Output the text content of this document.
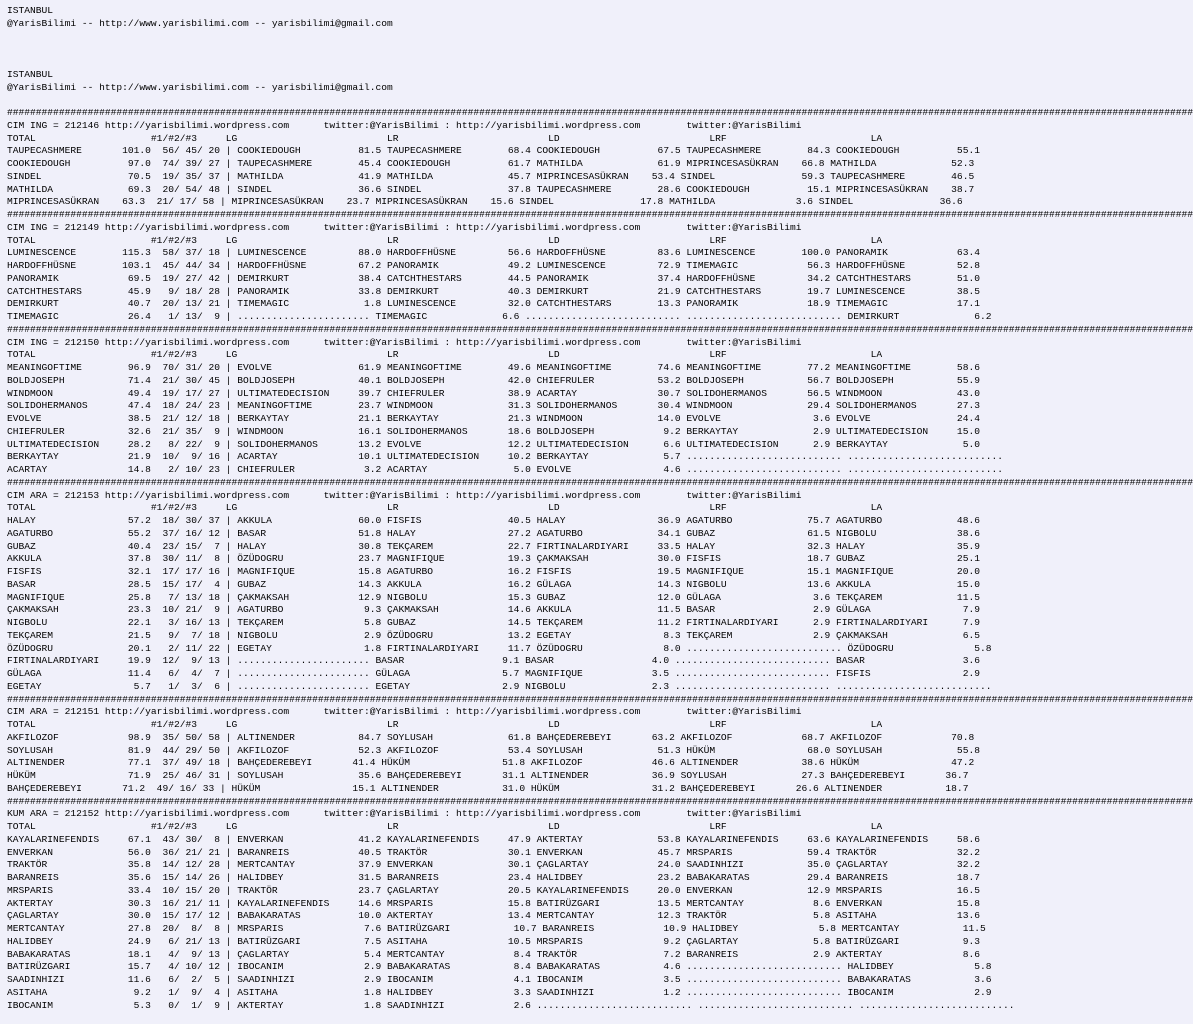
ISTANBUL
@YarisBilimi -- http://www.yarisbilimi.com -- yarisbilimi@gmail.com
ISTANBUL
@YarisBilimi -- http://www.yarisbilimi.com -- yarisbilimi@gmail.com
##############################################################################################################################################################################################################
CIM ING = 212146 http://yarisbilimi.wordpress.com      twitter:@YarisBilimi : http://yarisbilimi.wordpress.com        twitter:@YarisBilimi
TOTAL                    #1/#2/#3     LG                          LR                          LD                          LRF                         LA
TAUPECASHMERE       101.0  56/ 45/ 20 | COOKIEDOUGH          81.5 TAUPECASHMERE        68.4 COOKIEDOUGH          67.5 TAUPECASHMERE        84.3 COOKIEDOUGH          55.1
COOKIEDOUGH          97.0  74/ 39/ 27 | TAUPECASHMERE        45.4 COOKIEDOUGH          61.7 MATHILDA             61.9 MIPRINCESASÜKRAN    66.8 MATHILDA             52.3
SINDEL               70.5  19/ 35/ 37 | MATHILDA             41.9 MATHILDA             45.7 MIPRINCESASÜKRAN    53.4 SINDEL               59.3 TAUPECASHMERE        46.5
MATHILDA             69.3  20/ 54/ 48 | SINDEL               36.6 SINDEL               37.8 TAUPECASHMERE        28.6 COOKIEDOUGH          15.1 MIPRINCESASÜKRAN    38.7
MIPRINCESASÜKRAN    63.3  21/ 17/ 58 | MIPRINCESASÜKRAN    23.7 MIPRINCESASÜKRAN    15.6 SINDEL               17.8 MATHILDA              3.6 SINDEL               36.6
##############################################################################################################################################################################################################
CIM ING = 212149 http://yarisbilimi.wordpress.com      twitter:@YarisBilimi : http://yarisbilimi.wordpress.com        twitter:@YarisBilimi
TOTAL                    #1/#2/#3     LG                          LR                          LD                          LRF                         LA
LUMINESCENCE        115.3  58/ 37/ 18 | LUMINESCENCE         88.0 HARDOFFHÜSNE         56.6 HARDOFFHÜSNE         83.6 LUMINESCENCE        100.0 PANORAMIK            63.4
HARDOFFHÜSNE        103.1  45/ 44/ 34 | HARDOFFHÜSNE         67.2 PANORAMIK            49.2 LUMINESCENCE         72.9 TIMEMAGIC            56.3 HARDOFFHÜSNE         52.8
PANORAMIK            69.5  19/ 27/ 42 | DEMIRKURT            38.4 CATCHTHESTARS        44.5 PANORAMIK            37.4 HARDOFFHÜSNE         34.2 CATCHTHESTARS        51.0
CATCHTHESTARS        45.9   9/ 18/ 28 | PANORAMIK            33.8 DEMIRKURT            40.3 DEMIRKURT            21.9 CATCHTHESTARS        19.7 LUMINESCENCE         38.5
DEMIRKURT            40.7  20/ 13/ 21 | TIMEMAGIC             1.8 LUMINESCENCE         32.0 CATCHTHESTARS        13.3 PANORAMIK            18.9 TIMEMAGIC            17.1
TIMEMAGIC            26.4   1/ 13/  9 | ....................... TIMEMAGIC             6.6 ........................... ........................... DEMIRKURT             6.2
##############################################################################################################################################################################################################
CIM ING = 212150 http://yarisbilimi.wordpress.com      twitter:@YarisBilimi : http://yarisbilimi.wordpress.com        twitter:@YarisBilimi
TOTAL                    #1/#2/#3     LG                          LR                          LD                          LRF                         LA
MEANINGOFTIME        96.9  70/ 31/ 20 | EVOLVE               61.9 MEANINGOFTIME        49.6 MEANINGOFTIME        74.6 MEANINGOFTIME        77.2 MEANINGOFTIME        58.6
BOLDJOSEPH           71.4  21/ 30/ 45 | BOLDJOSEPH           40.1 BOLDJOSEPH           42.0 CHIEFRULER           53.2 BOLDJOSEPH           56.7 BOLDJOSEPH           55.9
WINDMOON             49.4  19/ 17/ 27 | ULTIMATEDECISION     39.7 CHIEFRULER           38.9 ACARTAY              30.7 SOLIDOHERMANOS       56.5 WINDMOON             43.0
SOLIDOHERMANOS       47.4  18/ 24/ 23 | MEANINGOFTIME        23.7 WINDMOON             31.3 SOLIDOHERMANOS       30.4 WINDMOON             29.4 SOLIDOHERMANOS       27.3
EVOLVE               38.5  21/ 12/ 18 | BERKAYTAY            21.1 BERKAYTAY            21.3 WINDMOON             14.0 EVOLVE                3.6 EVOLVE               24.4
CHIEFRULER           32.6  21/ 35/  9 | WINDMOON             16.1 SOLIDOHERMANOS       18.6 BOLDJOSEPH            9.2 BERKAYTAY             2.9 ULTIMATEDECISION     15.0
ULTIMATEDECISION     28.2   8/ 22/  9 | SOLIDOHERMANOS       13.2 EVOLVE               12.2 ULTIMATEDECISION      6.6 ULTIMATEDECISION      2.9 BERKAYTAY             5.0
BERKAYTAY            21.9  10/  9/ 16 | ACARTAY              10.1 ULTIMATEDECISION     10.2 BERKAYTAY             5.7 ........................... ...........................
ACARTAY              14.8   2/ 10/ 23 | CHIEFRULER            3.2 ACARTAY               5.0 EVOLVE                4.6 ........................... ...........................
##############################################################################################################################################################################################################
CIM ARA = 212153 http://yarisbilimi.wordpress.com      twitter:@YarisBilimi : http://yarisbilimi.wordpress.com        twitter:@YarisBilimi
TOTAL                    #1/#2/#3     LG                          LR                          LD                          LRF                         LA
HALAY                57.2  18/ 30/ 37 | AKKULA               60.0 FISFIS               40.5 HALAY                36.9 AGATURBO             75.7 AGATURBO             48.6
AGATURBO             55.2  37/ 16/ 12 | BASAR                51.8 HALAY                27.2 AGATURBO             34.1 GUBAZ                61.5 NIGBOLU              38.6
GUBAZ                40.4  23/ 15/  7 | HALAY                30.8 TEKÇAREM             22.7 FIRTINALARDIYARI     33.5 HALAY                32.3 HALAY                35.9
AKKULA               37.8  30/ 11/  8 | ÖZÜDOGRU             23.7 MAGNIFIQUE           19.3 ÇAKMAKSAH            30.0 FISFIS               18.7 GUBAZ                25.1
FISFIS               32.1  17/ 17/ 16 | MAGNIFIQUE           15.8 AGATURBO             16.2 FISFIS               19.5 MAGNIFIQUE           15.1 MAGNIFIQUE           20.0
BASAR                28.5  15/ 17/  4 | GUBAZ                14.3 AKKULA               16.2 GÜLAGA               14.3 NIGBOLU              13.6 AKKULA               15.0
MAGNIFIQUE           25.8   7/ 13/ 18 | ÇAKMAKSAH            12.9 NIGBOLU              15.3 GUBAZ                12.0 GÜLAGA                3.6 TEKÇAREM             11.5
ÇAKMAKSAH            23.3  10/ 21/  9 | AGATURBO              9.3 ÇAKMAKSAH            14.6 AKKULA               11.5 BASAR                 2.9 GÜLAGA                7.9
NIGBOLU              22.1   3/ 16/ 13 | TEKÇAREM              5.8 GUBAZ                14.5 TEKÇAREM             11.2 FIRTINALARDIYARI      2.9 FIRTINALARDIYARI      7.9
TEKÇAREM             21.5   9/  7/ 18 | NIGBOLU               2.9 ÖZÜDOGRU             13.2 EGETAY                8.3 TEKÇAREM              2.9 ÇAKMAKSAH             6.5
ÖZÜDOGRU             20.1   2/ 11/ 22 | EGETAY                1.8 FIRTINALARDIYARI     11.7 ÖZÜDOGRU              8.0 ........................... ÖZÜDOGRU              5.8
FIRTINALARDIYARI     19.9  12/  9/ 13 | ....................... BASAR                 9.1 BASAR                 4.0 ........................... BASAR                 3.6
GÜLAGA               11.4   6/  4/  7 | ....................... GÜLAGA                5.7 MAGNIFIQUE            3.5 ........................... FISFIS                2.9
EGETAY                5.7   1/  3/  6 | ....................... EGETAY                2.9 NIGBOLU               2.3 ........................... ...........................
##############################################################################################################################################################################################################
CIM ARA = 212151 http://yarisbilimi.wordpress.com      twitter:@YarisBilimi : http://yarisbilimi.wordpress.com        twitter:@YarisBilimi
TOTAL                    #1/#2/#3     LG                          LR                          LD                          LRF                         LA
AKFILOZOF            98.9  35/ 50/ 58 | ALTINENDER           84.7 SOYLUSAH             61.8 BAHÇEDEREBEYI       63.2 AKFILOZOF            68.7 AKFILOZOF            70.8
SOYLUSAH             81.9  44/ 29/ 50 | AKFILOZOF            52.3 AKFILOZOF            53.4 SOYLUSAH             51.3 HÜKÜM                68.0 SOYLUSAH             55.8
ALTINENDER           77.1  37/ 49/ 18 | BAHÇEDEREBEYI       41.4 HÜKÜM                51.8 AKFILOZOF            46.6 ALTINENDER           38.6 HÜKÜM                47.2
HÜKÜM                71.9  25/ 46/ 31 | SOYLUSAH             35.6 BAHÇEDEREBEYI       31.1 ALTINENDER           36.9 SOYLUSAH             27.3 BAHÇEDEREBEYI       36.7
BAHÇEDEREBEYI       71.2  49/ 16/ 33 | HÜKÜM                15.1 ALTINENDER           31.0 HÜKÜM                31.2 BAHÇEDEREBEYI       26.6 ALTINENDER           18.7
##############################################################################################################################################################################################################
KUM ARA = 212152 http://yarisbilimi.wordpress.com      twitter:@YarisBilimi : http://yarisbilimi.wordpress.com        twitter:@YarisBilimi
TOTAL                    #1/#2/#3     LG                          LR                          LD                          LRF                         LA
KAYALARINEFENDIS     67.1  43/ 30/  8 | ENVERKAN             41.2 KAYALARINEFENDIS     47.9 AKTERTAY             53.8 KAYALARINEFENDIS     63.6 KAYALARINEFENDIS     58.6
ENVERKAN             56.0  36/ 21/ 21 | BARANREIS            40.5 TRAKTÖR              30.1 ENVERKAN             45.7 MRSPARIS             59.4 TRAKTÖR              32.2
TRAKTÖR              35.8  14/ 12/ 28 | MERTCANTAY           37.9 ENVERKAN             30.1 ÇAGLARTAY            24.0 SAADINHIZI           35.0 ÇAGLARTAY            32.2
BARANREIS            35.6  15/ 14/ 26 | HALIDBEY             31.5 BARANREIS            23.4 HALIDBEY             23.2 BABAKARATAS          29.4 BARANREIS            18.7
MRSPARIS             33.4  10/ 15/ 20 | TRAKTÖR              23.7 ÇAGLARTAY            20.5 KAYALARINEFENDIS     20.0 ENVERKAN             12.9 MRSPARIS             16.5
AKTERTAY             30.3  16/ 21/ 11 | KAYALARINEFENDIS     14.6 MRSPARIS             15.8 BATIRÜZGARI          13.5 MERTCANTAY            8.6 ENVERKAN             15.8
ÇAGLARTAY            30.0  15/ 17/ 12 | BABAKARATAS          10.0 AKTERTAY             13.4 MERTCANTAY           12.3 TRAKTÖR               5.8 ASITAHA              13.6
MERTCANTAY           27.8  20/  8/  8 | MRSPARIS              7.6 BATIRÜZGARI           10.7 BARANREIS            10.9 HALIDBEY              5.8 MERTCANTAY           11.5
HALIDBEY             24.9   6/ 21/ 13 | BATIRÜZGARI           7.5 ASITAHA              10.5 MRSPARIS              9.2 ÇAGLARTAY             5.8 BATIRÜZGARI           9.3
BABAKARATAS          18.1   4/  9/ 13 | ÇAGLARTAY             5.4 MERTCANTAY            8.4 TRAKTÖR               7.2 BARANREIS             2.9 AKTERTAY              8.6
BATIRÜZGARI          15.7   4/ 10/ 12 | IBOCANIM              2.9 BABAKARATAS           8.4 BABAKARATAS           4.6 ........................... HALIDBEY              5.8
SAADINHIZI           11.6   6/  2/  5 | SAADINHIZI            2.9 IBOCANIM              4.1 IBOCANIM              3.5 ........................... BABAKARATAS           3.6
ASITAHA               9.2   1/  9/  4 | ASITAHA               1.8 HALIDBEY              3.3 SAADINHIZI            1.2 ........................... IBOCANIM              2.9
IBOCANIM              5.3   0/  1/  9 | AKTERTAY              1.8 SAADINHIZI            2.6 ........................... ........................... ...........................
